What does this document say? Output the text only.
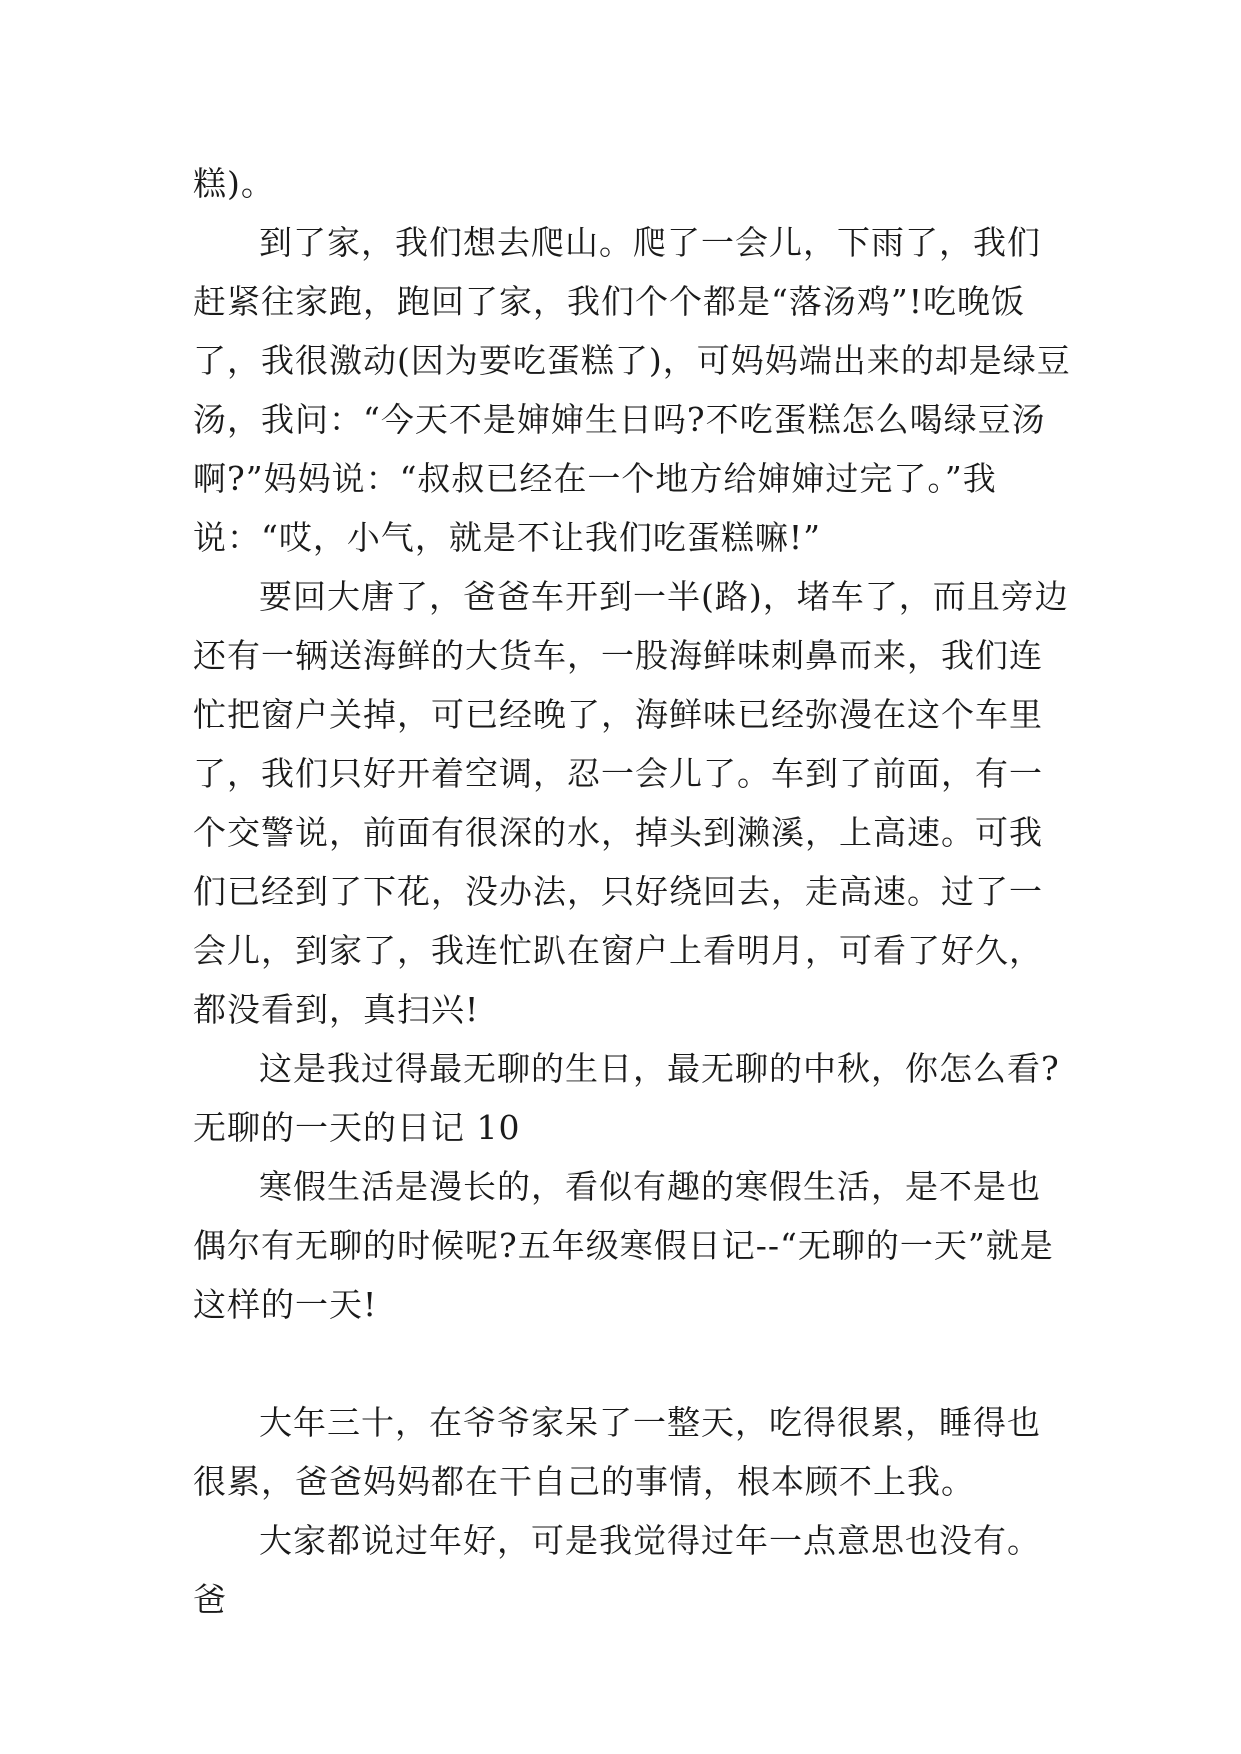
糕)。

到了家，我们想去爬山。爬了一会儿，下雨了，我们赶紧往家跑，跑回了家，我们个个都是“落汤鸡”!吃晚饭了，我很激动(因为要吃蛋糕了)，可妈妈端出来的却是绿豆汤，我问：“今天不是婶婶生日吗?不吃蛋糕怎么喝绿豆汤啊?”妈妈说：“叔叔已经在一个地方给婶婶过完了。”我说：“哎，小气，就是不让我们吃蛋糕嘛!”

要回大唐了，爸爸车开到一半(路)，堵车了，而且旁边还有一辆送海鲜的大货车，一股海鲜味刺鼻而来，我们连忙把窗户关掉，可已经晚了，海鲜味已经弥漫在这个车里了，我们只好开着空调，忍一会儿了。车到了前面，有一个交警说，前面有很深的水，掉头到濑溪，上高速。可我们已经到了下花，没办法，只好绕回去，走高速。过了一会儿，到家了，我连忙趴在窗户上看明月，可看了好久，都没看到，真扫兴!

这是我过得最无聊的生日，最无聊的中秋，你怎么看?

无聊的一天的日记 10

寒假生活是漫长的，看似有趣的寒假生活，是不是也偶尔有无聊的时候呢?五年级寒假日记--“无聊的一天”就是这样的一天!

大年三十，在爷爷家呆了一整天，吃得很累，睡得也很累，爸爸妈妈都在干自己的事情，根本顾不上我。

大家都说过年好，可是我觉得过年一点意思也没有。爸
